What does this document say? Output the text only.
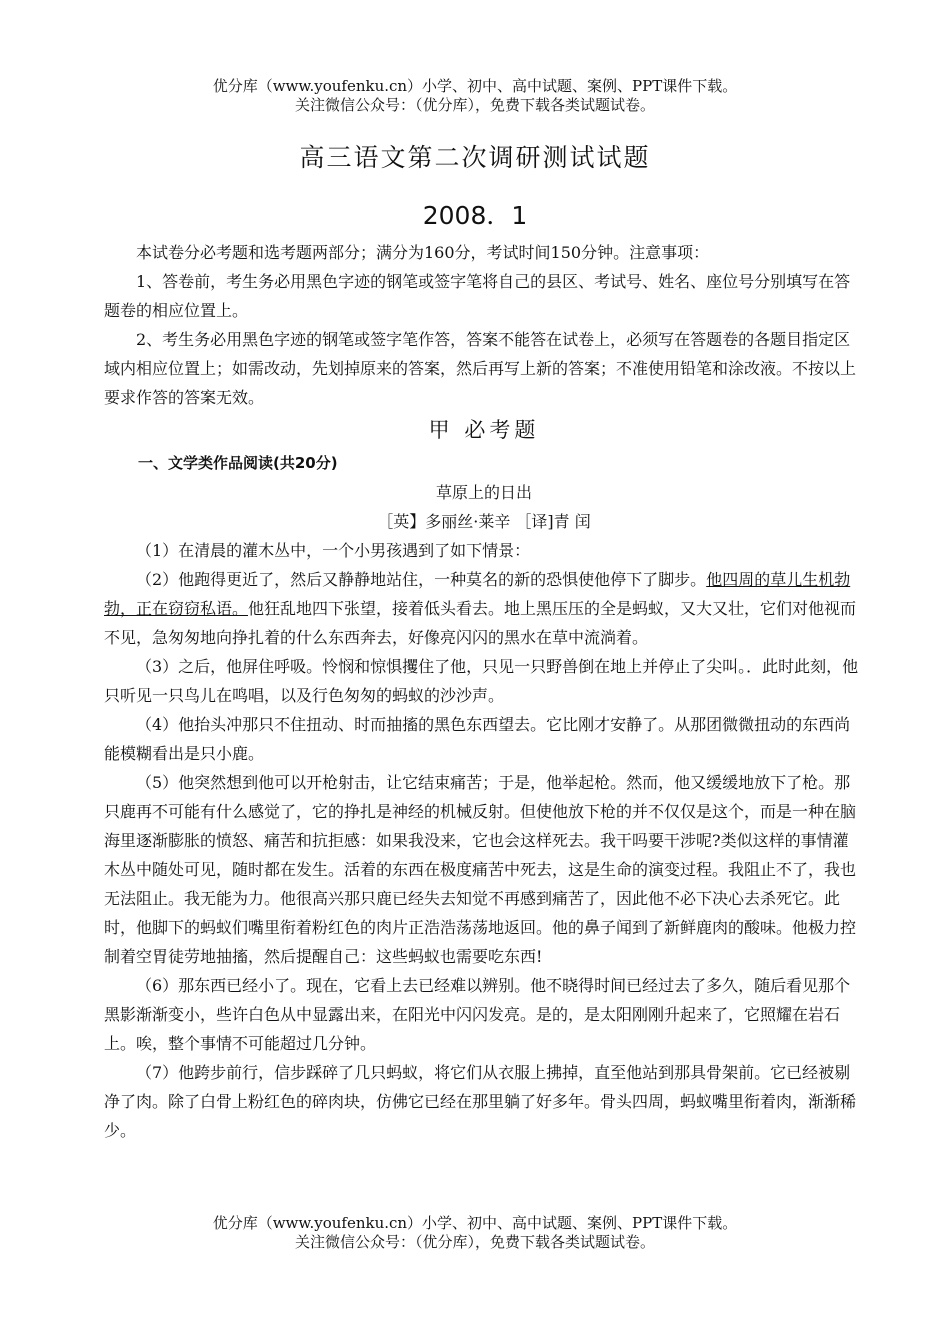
优分库（www.youfenku.cn）小学、初中、高中试题、案例、PPT课件下载。
关注微信公众号：（优分库），免费下载各类试题试卷。
高三语文第二次调研测试试题
2008．1

本试卷分必考题和选考题两部分；满分为160分，考试时间150分钟。注意事项：

1、答卷前，考生务必用黑色字迹的钢笔或签字笔将自己的县区、考试号、姓名、座位号分别填写在答题卷的相应位置上。

2、考生务必用黑色字迹的钢笔或签字笔作答，答案不能答在试卷上，必须写在答题卷的各题目指定区域内相应位置上；如需改动，先划掉原来的答案，然后再写上新的答案；不准使用铅笔和涂改液。不按以上要求作答的答案无效。

甲 必考题
一、文学类作品阅读(共20分)
草原上的日出
［英】多丽丝·莱辛 ［译]青 闰

（1）在清晨的灌木丛中，一个小男孩遇到了如下情景：

（2）他跑得更近了，然后又静静地站住，一种莫名的新的恐惧使他停下了脚步。他四周的草儿生机勃勃，正在窃窃私语。他狂乱地四下张望，接着低头看去。地上黑压压的全是蚂蚁，又大又壮，它们对他视而不见，急匆匆地向挣扎着的什么东西奔去，好像亮闪闪的黑水在草中流淌着。

（3）之后，他屏住呼吸。怜悯和惊惧攫住了他，只见一只野兽倒在地上并停止了尖叫。．此时此刻，他只听见一只鸟儿在鸣唱，以及行色匆匆的蚂蚁的沙沙声。

（4）他抬头冲那只不住扭动、时而抽搐的黑色东西望去。它比刚才安静了。从那团微微扭动的东西尚能模糊看出是只小鹿。

（5）他突然想到他可以开枪射击，让它结束痛苦；于是，他举起枪。然而，他又缓缓地放下了枪。那只鹿再不可能有什么感觉了，它的挣扎是神经的机械反射。但使他放下枪的并不仅仅是这个，而是一种在脑海里逐渐膨胀的愤怒、痛苦和抗拒感：如果我没来，它也会这样死去。我干吗要干涉呢?类似这样的事情灌木丛中随处可见，随时都在发生。活着的东西在极度痛苦中死去，这是生命的演变过程。我阻止不了，我也无法阻止。我无能为力。他很高兴那只鹿已经失去知觉不再感到痛苦了，因此他不必下决心去杀死它。此时，他脚下的蚂蚁们嘴里衔着粉红色的肉片正浩浩荡荡地返回。他的鼻子闻到了新鲜鹿肉的酸味。他极力控制着空胃徒劳地抽搐，然后提醒自己：这些蚂蚁也需要吃东西!

（6）那东西已经小了。现在，它看上去已经难以辨别。他不晓得时间已经过去了多久，随后看见那个黑影渐渐变小，些许白色从中显露出来，在阳光中闪闪发亮。是的，是太阳刚刚升起来了，它照耀在岩石上。唉，整个事情不可能超过几分钟。

（7）他跨步前行，信步踩碎了几只蚂蚁，将它们从衣服上拂掉，直至他站到那具骨架前。它已经被剔净了肉。除了白骨上粉红色的碎肉块，仿佛它已经在那里躺了好多年。骨头四周，蚂蚁嘴里衔着肉，渐渐稀少。

优分库（www.youfenku.cn）小学、初中、高中试题、案例、PPT课件下载。
关注微信公众号：（优分库），免费下载各类试题试卷。
